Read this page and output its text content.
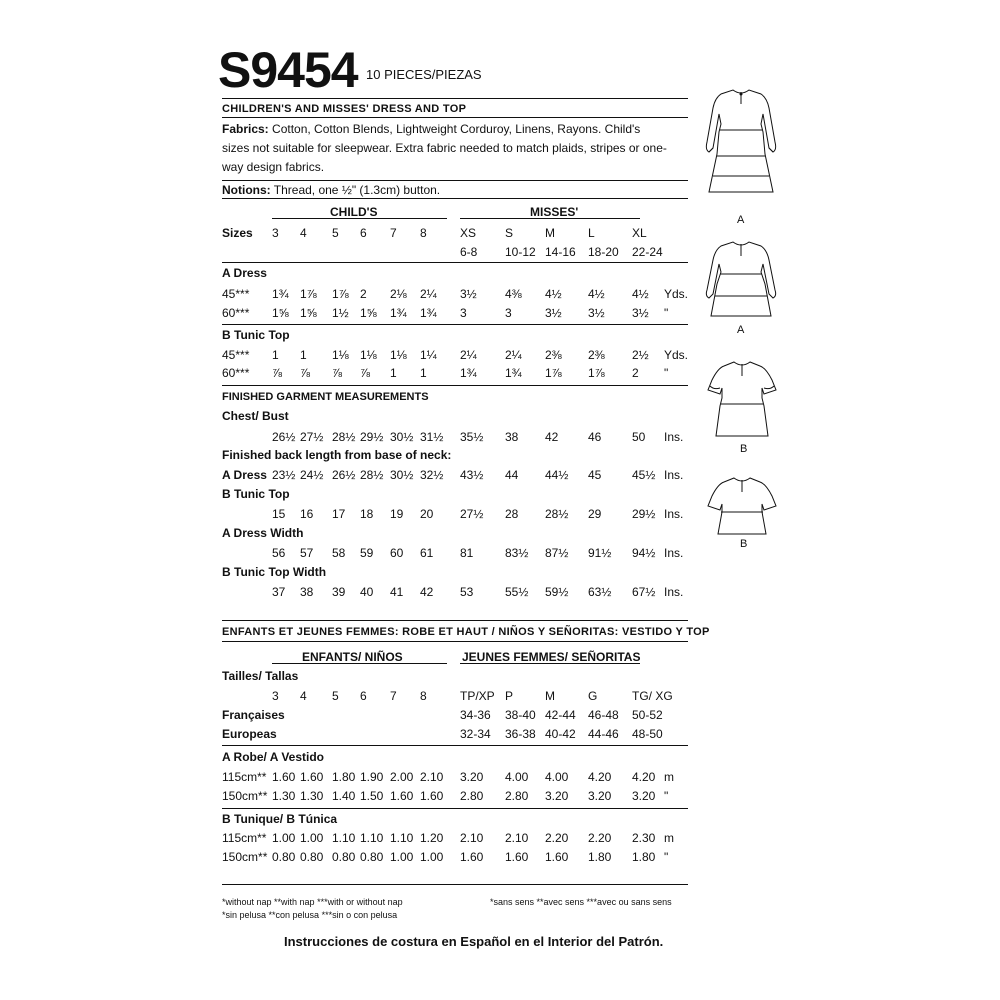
S9454 10 PIECES/PIEZAS
CHILDREN'S AND MISSES' DRESS AND TOP
Fabrics: Cotton, Cotton Blends, Lightweight Corduroy, Linens, Rayons. Child's sizes not suitable for sleepwear. Extra fabric needed to match plaids, stripes or one-way design fabrics.
Notions: Thread, one ½" (1.3cm) button.
ENFANTS ET JEUNES FEMMES: ROBE ET HAUT / NIÑOS Y SEÑORITAS: VESTIDO Y TOP
*without nap **with nap ***with or without nap
*sin pelusa **con pelusa ***sin o con pelusa
*sans sens **avec sens ***avec ou sans sens
Instrucciones de costura en Español en el Interior del Patrón.
A
A
B
B
CHILD'S	MISSES'
Sizes 3 4 5 6 7 8	XS S	M	L	XL
6-8 10-12 14-16 18-20 22-24
A Dress
45*** 1¾ 1⅞ 1⅞ 2 2⅛ 2¼ 3½ 4⅜ 4½ 4½ 4½ Yds.
60*** 1⅝ 1⅝ 1½ 1⅝ 1¾ 1¾ 3	3	3½ 3½ 3½ "
B Tunic Top
45*** 1 1 1⅛ 1⅛ 1⅛ 1¼ 2¼ 2¼ 2⅜ 2⅜ 2½ Yds.
60*** ⅞ ⅞ ⅞ ⅞ 1 1	1¾ 1¾ 1⅞ 1⅞ 2 "
FINISHED GARMENT MEASUREMENTS
Chest/ Bust
26½ 27½ 28½ 29½ 30½ 31½ 35½ 38 42 46	50 Ins.
Finished back length from base of neck:
A Dress 23½ 24½ 26½ 28½ 30½ 32½ 43½ 44 44½ 45	45½ Ins.
B Tunic Top
15 16 17 18 19 20 27½ 28 28½ 29	29½ Ins.
A Dress Width
56 57 58 59 60 61 81	83½ 87½ 91½ 94½ Ins.
B Tunic Top Width
37 38 39 40 41 42 53	55½ 59½ 63½ 67½ Ins.
ENFANTS/ NIÑOS	JEUNES FEMMES/ SEÑORITAS
Tailles/ Tallas
3 4 5 6 7 8	TP/XP P	M	G	TG/ XG
Françaises	34-36 38-40 42-44 46-48 50-52
Europeas	32-34 36-38 40-42 44-46 48-50
A Robe/ A Vestido
115cm** 1.60 1.60 1.80 1.90 2.00 2.10 3.20 4.00 4.00 4.20 4.20 m
150cm** 1.30 1.30 1.40 1.50 1.60 1.60 2.80 2.80 3.20 3.20 3.20 "
B Tunique/ B Túnica
115cm** 1.00 1.00 1.10 1.10 1.10 1.20 2.10 2.10 2.20 2.20 2.30 m
150cm** 0.80 0.80 0.80 0.80 1.00 1.00 1.60 1.60 1.60 1.80 1.80 "
